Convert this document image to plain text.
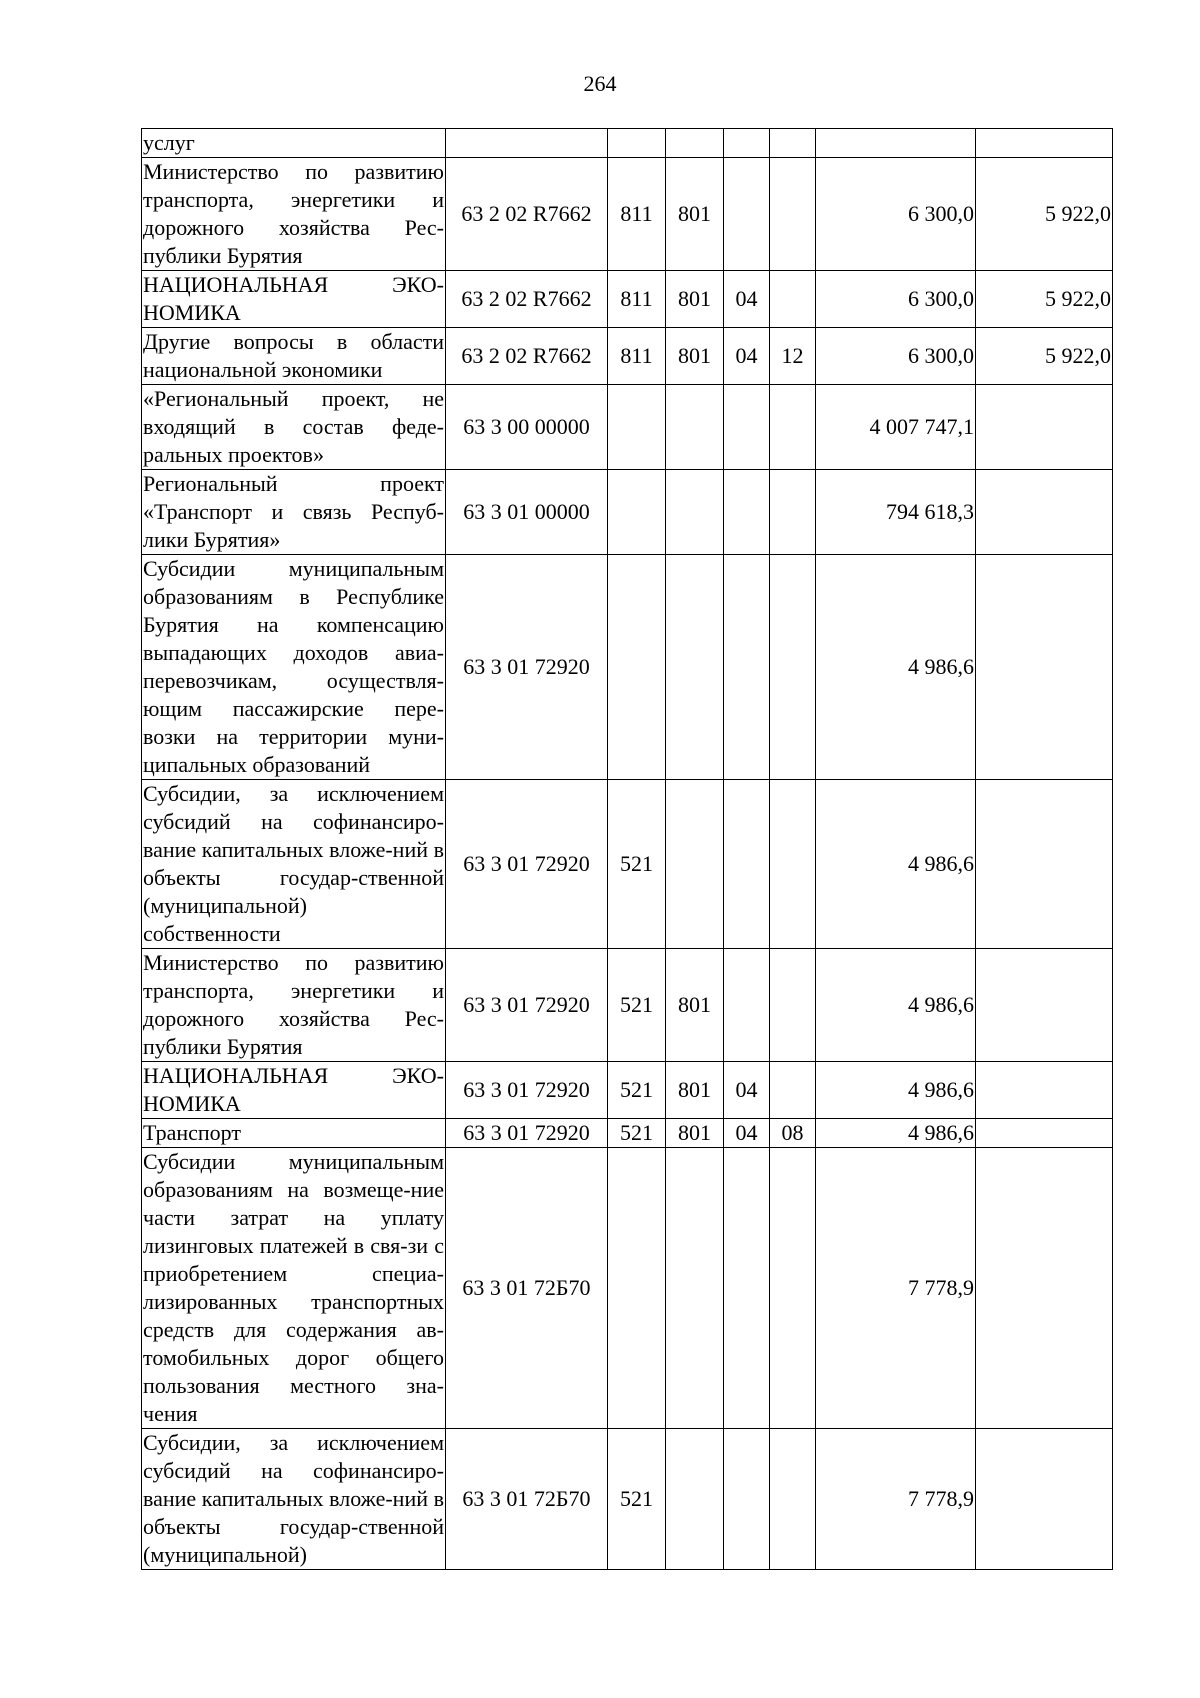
264
услуг							
Министерство по развитию транспорта, энергетики и дорожного хозяйства Рес-публики Бурятия	63 2 02 R7662	811	801			6 300,0	5 922,0
НАЦИОНАЛЬНАЯ ЭКО-НОМИКА	63 2 02 R7662	811	801	04		6 300,0	5 922,0
Другие вопросы в области национальной экономики	63 2 02 R7662	811	801	04	12	6 300,0	5 922,0
«Региональный проект, не входящий в состав феде-ральных проектов»	63 3 00 00000					4 007 747,1	
Региональный проект «Транспорт и связь Респуб-лики Бурятия»	63 3 01 00000					794 618,3	
Субсидии муниципальным образованиям в Республике Бурятия на компенсацию выпадающих доходов авиа-перевозчикам, осуществля-ющим пассажирские пере-возки на территории муни-ципальных образований	63 3 01 72920					4 986,6	
Субсидии, за исключением субсидий на софинансиро-вание капитальных вложе-ний в объекты государ-ственной (муниципальной) собственности	63 3 01 72920	521				4 986,6	
Министерство по развитию транспорта, энергетики и дорожного хозяйства Рес-публики Бурятия	63 3 01 72920	521	801			4 986,6	
НАЦИОНАЛЬНАЯ ЭКО-НОМИКА	63 3 01 72920	521	801	04		4 986,6	
Транспорт	63 3 01 72920	521	801	04	08	4 986,6	
Субсидии муниципальным образованиям на возмеще-ние части затрат на уплату лизинговых платежей в свя-зи с приобретением специа-лизированных транспортных средств для содержания ав-томобильных дорог общего пользования местного зна-чения	63 3 01 72Б70					7 778,9	
Субсидии, за исключением субсидий на софинансиро-вание капитальных вложе-ний в объекты государ-ственной (муниципальной)	63 3 01 72Б70	521				7 778,9	
